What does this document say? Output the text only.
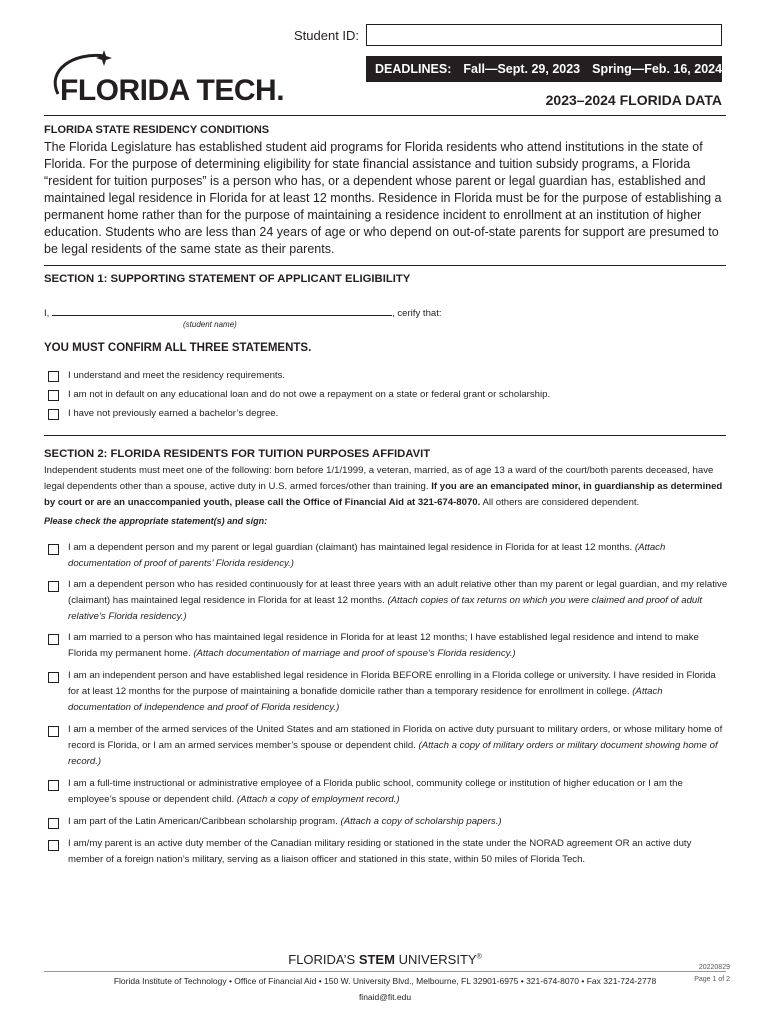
Student ID:
DEADLINES: Fall—Sept. 29, 2023 Spring—Feb. 16, 2024
FLORIDA TECH.	2023–2024 FLORIDA DATA
FLORIDA STATE RESIDENCY CONDITIONS
The Florida Legislature has established student aid programs for Florida residents who attend institutions in the state of Florida. For the purpose of determining eligibility for state financial assistance and tuition subsidy programs, a Florida “resident for tuition purposes” is a person who has, or a dependent whose parent or legal guardian has, established and maintained legal residence in Florida for at least 12 months. Residence in Florida must be for the purpose of establishing a permanent home rather than for the purpose of maintaining a residence incident to enrollment at an institution of higher education. Students who are less than 24 years of age or who depend on out-of-state parents for support are presumed to be legal residents of the same state as their parents.
SECTION 1: SUPPORTING STATEMENT OF APPLICANT ELIGIBILITY
I,	, cerify that:
(student name)
YOU MUST CONFIRM ALL THREE STATEMENTS.
I understand and meet the residency requirements.
I am not in default on any educational loan and do not owe a repayment on a state or federal grant or scholarship.
I have not previously earned a bachelor’s degree.
SECTION 2: FLORIDA RESIDENTS FOR TUITION PURPOSES AFFIDAVIT
Independent students must meet one of the following: born before 1/1/1999, a veteran, married, as of age 13 a ward of the court/both parents deceased, have legal dependents other than a spouse, active duty in U.S. armed forces/other than training. If you are an emancipated minor, in guardianship as determined by court or are an unaccompanied youth, please call the Office of Financial Aid at 321-674-8070. All others are considered dependent.
Please check the appropriate statement(s) and sign:
I am a dependent person and my parent or legal guardian (claimant) has maintained legal residence in Florida for at least 12 months. (Attach documentation of proof of parents’ Florida residency.)
I am a dependent person who has resided continuously for at least three years with an adult relative other than my parent or legal guardian, and my relative (claimant) has maintained legal residence in Florida for at least 12 months. (Attach copies of tax returns on which you were claimed and proof of adult relative’s Florida residency.)
I am married to a person who has maintained legal residence in Florida for at least 12 months; I have established legal residence and intend to make Florida my permanent home. (Attach documentation of marriage and proof of spouse’s Florida residency.)
I am an independent person and have established legal residence in Florida BEFORE enrolling in a Florida college or university. I have resided in Florida for at least 12 months for the purpose of maintaining a bonafide domicile rather than a temporary residence for enrollment in college. (Attach documentation of independence and proof of Florida residency.)
I am a member of the armed services of the United States and am stationed in Florida on active duty pursuant to military orders, or whose military home of record is Florida, or I am an armed services member’s spouse or dependent child. (Attach a copy of military orders or military document showing home of record.)
I am a full-time instructional or administrative employee of a Florida public school, community college or institution of higher education or I am the employee’s spouse or dependent child. (Attach a copy of employment record.)
I am part of the Latin American/Caribbean scholarship program. (Attach a copy of scholarship papers.)
I am/my parent is an active duty member of the Canadian military residing or stationed in the state under the NORAD agreement OR an active duty member of a foreign nation’s military, serving as a liaison officer and stationed in this state, within 50 miles of Florida Tech.
FLORIDA’S STEM UNIVERSITY®
Florida Institute of Technology • Office of Financial Aid • 150 W. University Blvd., Melbourne, FL 32901-6975 • 321-674-8070 • Fax 321-724-2778
finaid@fit.edu
20220829
Page 1 of 2
